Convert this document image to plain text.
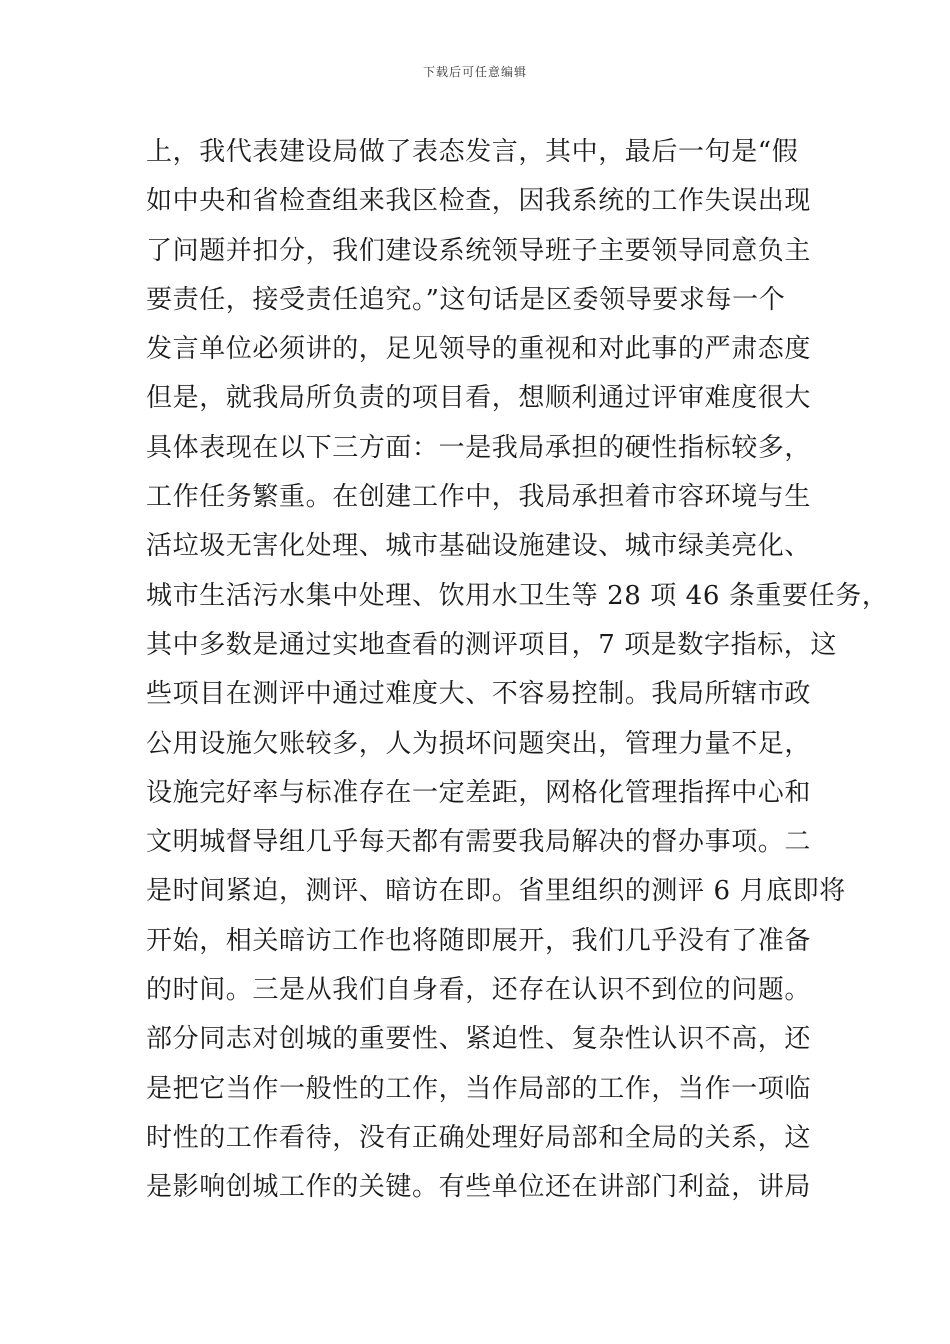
下载后可任意编辑
上，我代表建设局做了表态发言，其中，最后一句是“假
如中央和省检查组来我区检查，因我系统的工作失误出现
了问题并扣分，我们建设系统领导班子主要领导同意负主
要责任，接受责任追究。”这句话是区委领导要求每一个
发言单位必须讲的，足见领导的重视和对此事的严肃态度
但是，就我局所负责的项目看，想顺利通过评审难度很大
具体表现在以下三方面：一是我局承担的硬性指标较多，
工作任务繁重。在创建工作中，我局承担着市容环境与生
活垃圾无害化处理、城市基础设施建设、城市绿美亮化、
城市生活污水集中处理、饮用水卫生等 28 项 46 条重要任务，
其中多数是通过实地查看的测评项目，7 项是数字指标，这
些项目在测评中通过难度大、不容易控制。我局所辖市政
公用设施欠账较多，人为损坏问题突出，管理力量不足，
设施完好率与标准存在一定差距，网格化管理指挥中心和
文明城督导组几乎每天都有需要我局解决的督办事项。二
是时间紧迫，测评、暗访在即。省里组织的测评 6 月底即将
开始，相关暗访工作也将随即展开，我们几乎没有了准备
的时间。三是从我们自身看，还存在认识不到位的问题。
部分同志对创城的重要性、紧迫性、复杂性认识不高，还
是把它当作一般性的工作，当作局部的工作，当作一项临
时性的工作看待，没有正确处理好局部和全局的关系，这
是影响创城工作的关键。有些单位还在讲部门利益，讲局
